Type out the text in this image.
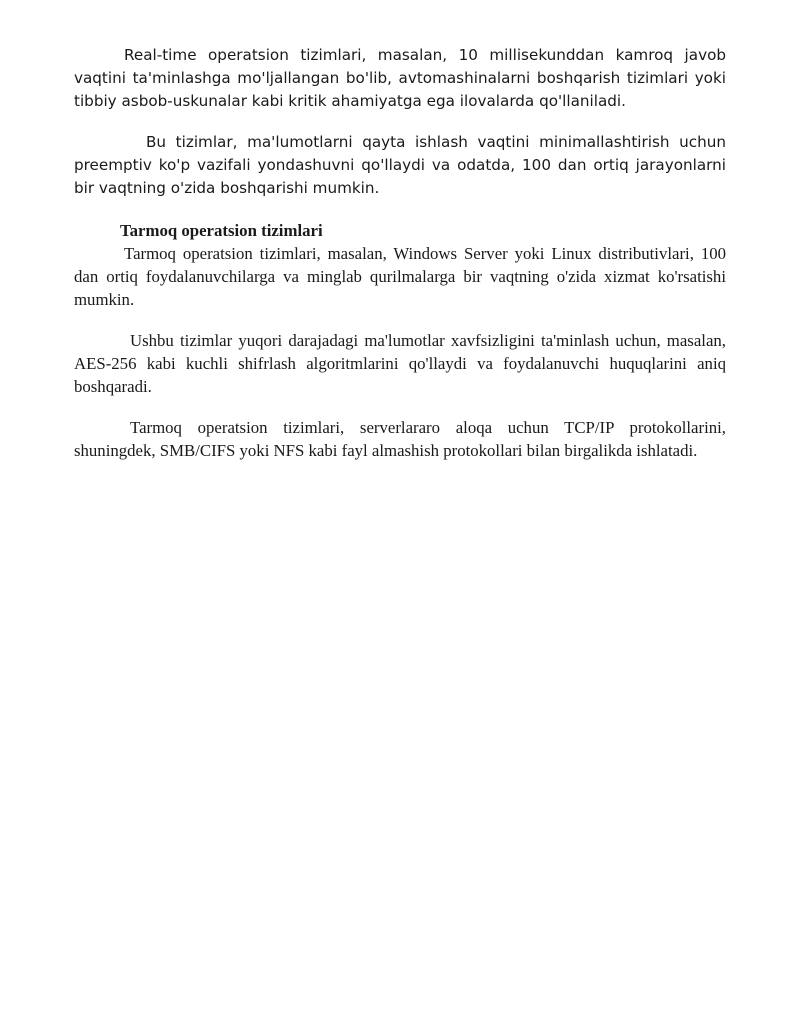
Real-time operatsion tizimlari, masalan, 10 millisekunddan kamroq javob vaqtini ta'minlashga mo'ljallangan bo'lib, avtomashinalarni boshqarish tizimlari yoki tibbiy asbob-uskunalar kabi kritik ahamiyatga ega ilovalarda qo'llaniladi.

Bu tizimlar, ma'lumotlarni qayta ishlash vaqtini minimallashtirish uchun preemptiv ko'p vazifali yondashuvni qo'llaydi va odatda, 100 dan ortiq jarayonlarni bir vaqtning o'zida boshqarishi mumkin.

Tarmoq operatsion tizimlari

Tarmoq operatsion tizimlari, masalan, Windows Server yoki Linux distributivlari, 100 dan ortiq foydalanuvchilarga va minglab qurilmalarga bir vaqtning o'zida xizmat ko'rsatishi mumkin.

Ushbu tizimlar yuqori darajadagi ma'lumotlar xavfsizligini ta'minlash uchun, masalan, AES-256 kabi kuchli shifrlash algoritmlarini qo'llaydi va foydalanuvchi huquqlarini aniq boshqaradi.

Tarmoq operatsion tizimlari, serverlararo aloqa uchun TCP/IP protokollarini, shuningdek, SMB/CIFS yoki NFS kabi fayl almashish protokollari bilan birgalikda ishlatadi.
